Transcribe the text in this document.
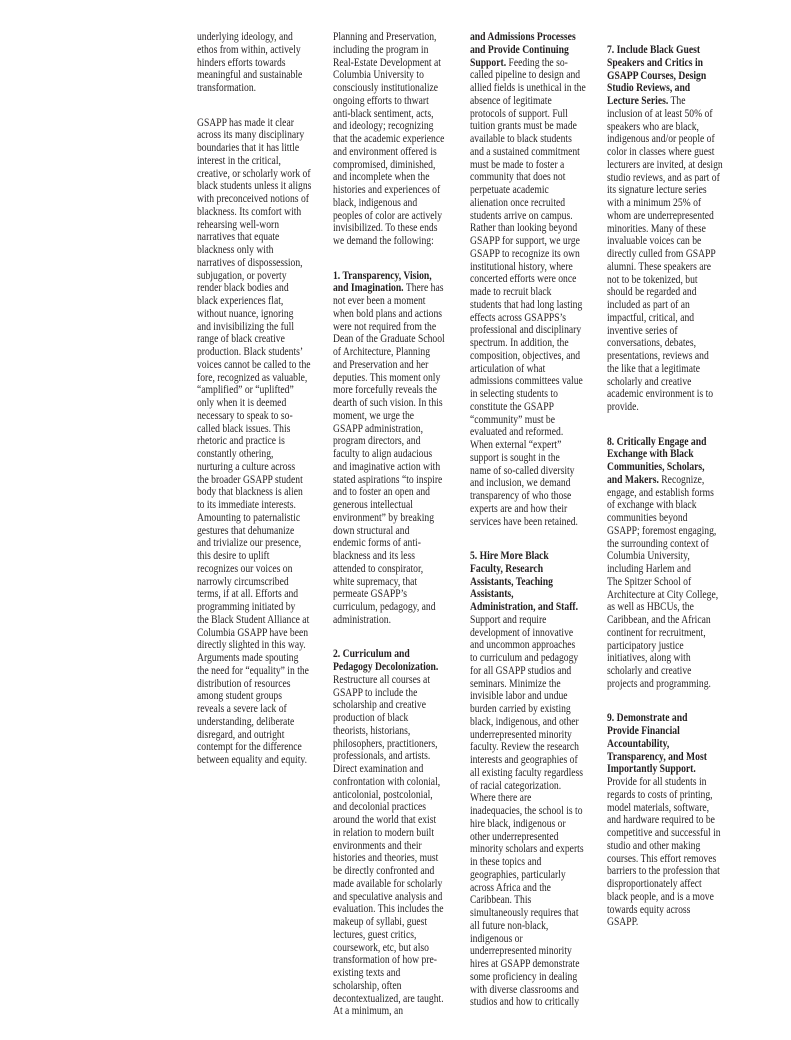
underlying ideology, and
ethos from within, actively
hinders efforts towards
meaningful and sustainable
transformation.
GSAPP has made it clear
across its many disciplinary
boundaries that it has little
interest in the critical,
creative, or scholarly work of
black students unless it aligns
with preconceived notions of
blackness. Its comfort with
rehearsing well-worn
narratives that equate
blackness only with
narratives of dispossession,
subjugation, or poverty
render black bodies and
black experiences flat,
without nuance, ignoring
and invisibilizing the full
range of black creative
production. Black students’
voices cannot be called to the
fore, recognized as valuable,
“amplified” or “uplifted”
only when it is deemed
necessary to speak to so-
called black issues. This
rhetoric and practice is
constantly othering,
nurturing a culture across
the broader GSAPP student
body that blackness is alien
to its immediate interests.
Amounting to paternalistic
gestures that dehumanize
and trivialize our presence,
this desire to uplift
recognizes our voices on
narrowly circumscribed
terms, if at all. Efforts and
programming initiated by
the Black Student Alliance at
Columbia GSAPP have been
directly slighted in this way.
Arguments made spouting
the need for “equality” in the
distribution of resources
among student groups
reveals a severe lack of
understanding, deliberate
disregard, and outright
contempt for the difference
between equality and equity.
Planning and Preservation,
including the program in
Real-Estate Development at
Columbia University to
consciously institutionalize
ongoing efforts to thwart
anti-black sentiment, acts,
and ideology; recognizing
that the academic experience
and environment offered is
compromised, diminished,
and incomplete when the
histories and experiences of
black, indigenous and
peoples of color are actively
invisibilized. To these ends
we demand the following:
1. Transparency, Vision,
and Imagination. There has
not ever been a moment
when bold plans and actions
were not required from the
Dean of the Graduate School
of Architecture, Planning
and Preservation and her
deputies. This moment only
more forcefully reveals the
dearth of such vision. In this
moment, we urge the
GSAPP administration,
program directors, and
faculty to align audacious
and imaginative action with
stated aspirations “to inspire
and to foster an open and
generous intellectual
environment” by breaking
down structural and
endemic forms of anti-
blackness and its less
attended to conspirator,
white supremacy, that
permeate GSAPP’s
curriculum, pedagogy, and
administration.
2. Curriculum and
Pedagogy Decolonization.
Restructure all courses at
GSAPP to include the
scholarship and creative
production of black
theorists, historians,
philosophers, practitioners,
professionals, and artists.
Direct examination and
confrontation with colonial,
anticolonial, postcolonial,
and decolonial practices
around the world that exist
in relation to modern built
environments and their
histories and theories, must
be directly confronted and
made available for scholarly
and speculative analysis and
evaluation. This includes the
makeup of syllabi, guest
lectures, guest critics,
coursework, etc, but also
transformation of how pre-
existing texts and
scholarship, often
decontextualized, are taught.
At a minimum, an
and Admissions Processes
and Provide Continuing
Support. Feeding the so-
called pipeline to design and
allied fields is unethical in the
absence of legitimate
protocols of support. Full
tuition grants must be made
available to black students
and a sustained commitment
must be made to foster a
community that does not
perpetuate academic
alienation once recruited
students arrive on campus.
Rather than looking beyond
GSAPP for support, we urge
GSAPP to recognize its own
institutional history, where
concerted efforts were once
made to recruit black
students that had long lasting
effects across GSAPPS’s
professional and disciplinary
spectrum. In addition, the
composition, objectives, and
articulation of what
admissions committees value
in selecting students to
constitute the GSAPP
“community” must be
evaluated and reformed.
When external “expert”
support is sought in the
name of so-called diversity
and inclusion, we demand
transparency of who those
experts are and how their
services have been retained.
5. Hire More Black
Faculty, Research
Assistants, Teaching
Assistants,
Administration, and Staff.
Support and require
development of innovative
and uncommon approaches
to curriculum and pedagogy
for all GSAPP studios and
seminars. Minimize the
invisible labor and undue
burden carried by existing
black, indigenous, and other
underrepresented minority
faculty. Review the research
interests and geographies of
all existing faculty regardless
of racial categorization.
Where there are
inadequacies, the school is to
hire black, indigenous or
other underrepresented
minority scholars and experts
in these topics and
geographies, particularly
across Africa and the
Caribbean. This
simultaneously requires that
all future non-black,
indigenous or
underrepresented minority
hires at GSAPP demonstrate
some proficiency in dealing
with diverse classrooms and
studios and how to critically
7. Include Black Guest
Speakers and Critics in
GSAPP Courses, Design
Studio Reviews, and
Lecture Series. The
inclusion of at least 50% of
speakers who are black,
indigenous and/or people of
color in classes where guest
lecturers are invited, at design
studio reviews, and as part of
its signature lecture series
with a minimum 25% of
whom are underrepresented
minorities. Many of these
invaluable voices can be
directly culled from GSAPP
alumni. These speakers are
not to be tokenized, but
should be regarded and
included as part of an
impactful, critical, and
inventive series of
conversations, debates,
presentations, reviews and
the like that a legitimate
scholarly and creative
academic environment is to
provide.
8. Critically Engage and
Exchange with Black
Communities, Scholars,
and Makers. Recognize,
engage, and establish forms
of exchange with black
communities beyond
GSAPP; foremost engaging,
the surrounding context of
Columbia University,
including Harlem and
The Spitzer School of
Architecture at City College,
as well as HBCUs, the
Caribbean, and the African
continent for recruitment,
participatory justice
initiatives, along with
scholarly and creative
projects and programming.
9. Demonstrate and
Provide Financial
Accountability,
Transparency, and Most
Importantly Support.
Provide for all students in
regards to costs of printing,
model materials, software,
and hardware required to be
competitive and successful in
studio and other making
courses. This effort removes
barriers to the profession that
disproportionately affect
black people, and is a move
towards equity across
GSAPP.
